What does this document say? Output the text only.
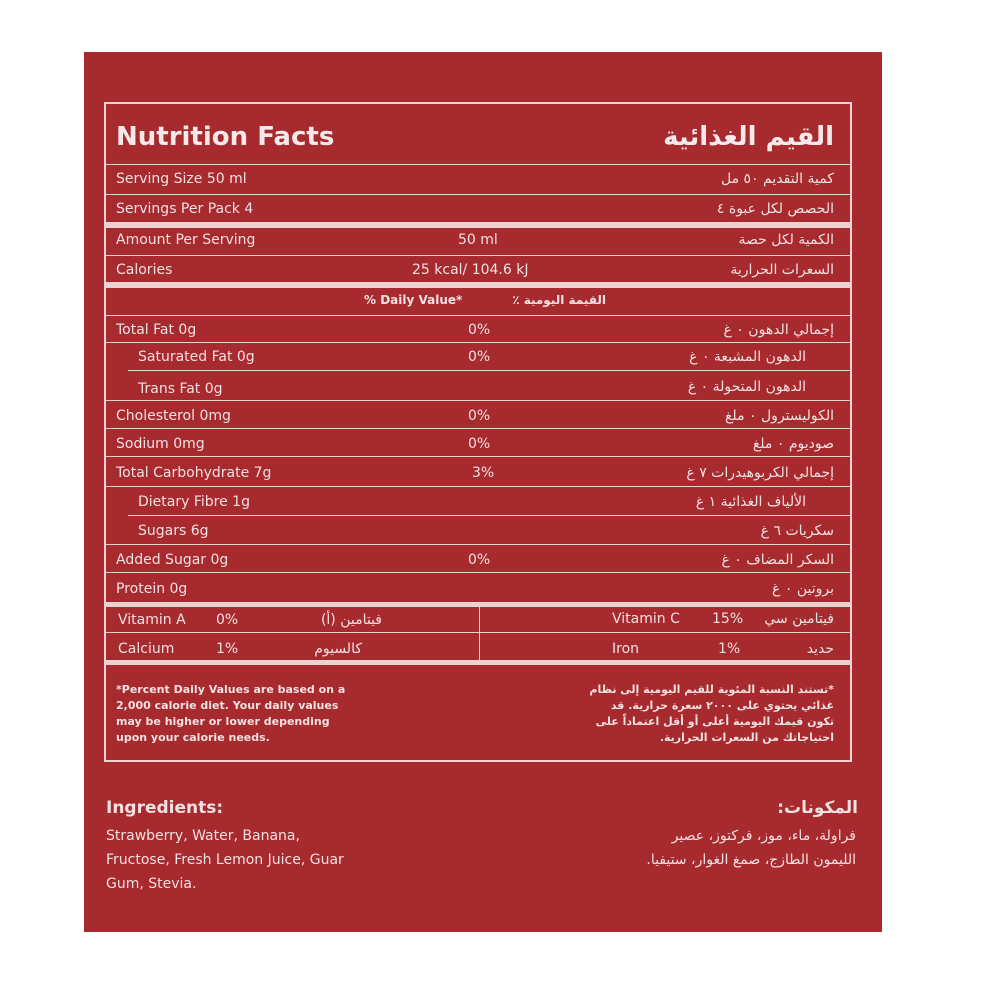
Nutrition Facts	القيم الغذائية
Serving Size 50 ml	كمية التقديم ٥٠ مل
Servings Per Pack 4	الحصص لكل عبوة ٤
Amount Per Serving	50 ml	الكمية لكل حصة
Calories	25 kcal/ 104.6 kJ	السعرات الحرارية
% Daily Value*	القيمة اليومية ٪
Total Fat 0g	0%	إجمالي الدهون ٠ غ
Saturated Fat 0g	0%	الدهون المشبعة ٠ غ
Trans Fat 0g	الدهون المتحولة ٠ غ
Cholesterol 0mg	0%	الكوليسترول ٠ ملغ
Sodium 0mg	0%	صوديوم ٠ ملغ
Total Carbohydrate 7g	3%	إجمالي الكربوهيدرات ٧ غ
Dietary Fibre 1g	الألياف الغذائية ١ غ
Sugars 6g	سكريات ٦ غ
Added Sugar 0g	0%	السكر المضاف ٠ غ
Protein 0g	بروتين ٠ غ
Vitamin A 0%	فيتامين (أ)	Vitamin C 15% فيتامين سي
Calcium	1%	كالسيوم	Iron	1%	حديد
*Percent Daily Values are based on a 2,000 calorie diet. Your daily values may be higher or lower depending upon your calorie needs.
*تستند النسبة المئوية للقيم اليومية إلى نظام غذائي يحتوي على ٢٠٠٠ سعرة حرارية. قد تكون قيمك اليومية أعلى أو أقل اعتماداً على احتياجاتك من السعرات الحرارية.
Ingredients:
Strawberry, Water, Banana, Fructose, Fresh Lemon Juice, Guar Gum, Stevia.
المكونات:
فراولة، ماء، موز، فركتوز، عصير الليمون الطازج، صمغ الغوار، ستيفيا.
